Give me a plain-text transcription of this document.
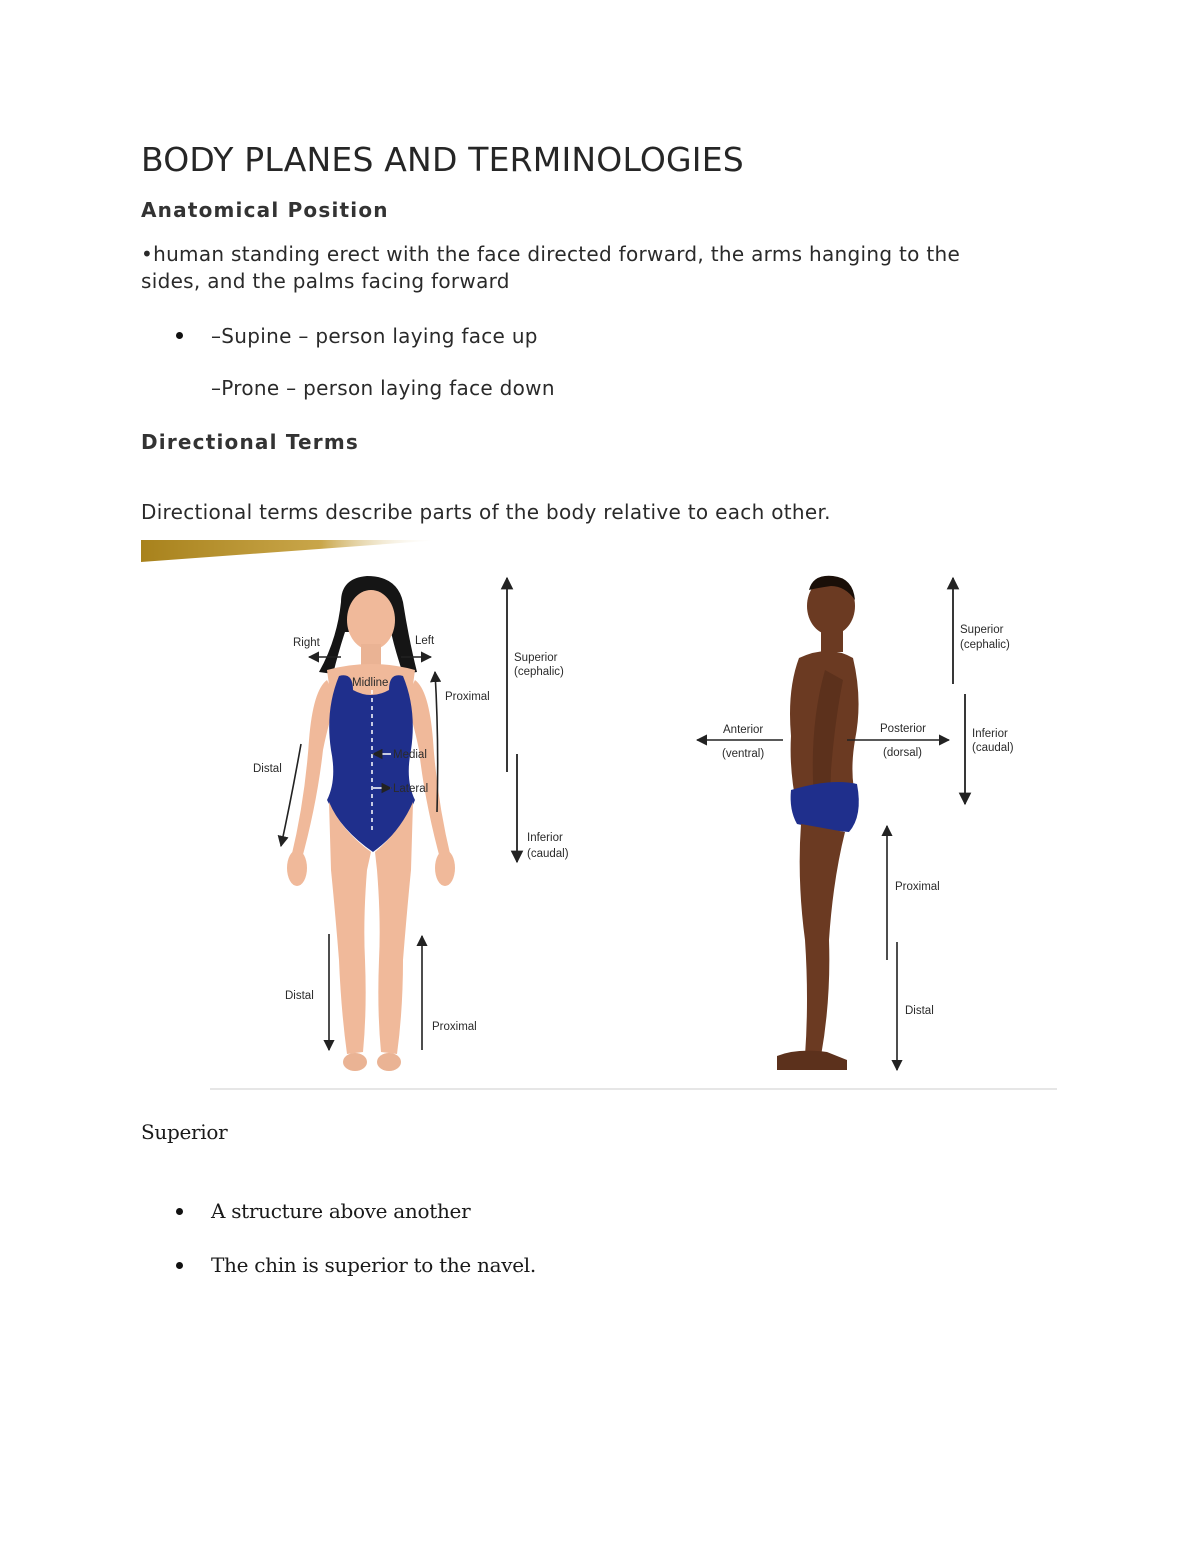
BODY PLANES AND TERMINOLOGIES
Anatomical Position

•human standing erect with the face directed forward, the arms hanging to the

sides, and the palms facing forward

–Supine – person laying face up

–Prone – person laying face down

Directional Terms

Directional terms describe parts of the body relative to each other.

Right	Left
Midline
Proximal
Medial
Lateral
Distal
Superior
(cephalic)
Inferior
(caudal)
Distal
Proximal
Superior
(cephalic)
Inferior
(caudal)
Anterior
(ventral)
Posterior
(dorsal)
Proximal
Distal

Superior

A structure above another

The chin is superior to the navel.
